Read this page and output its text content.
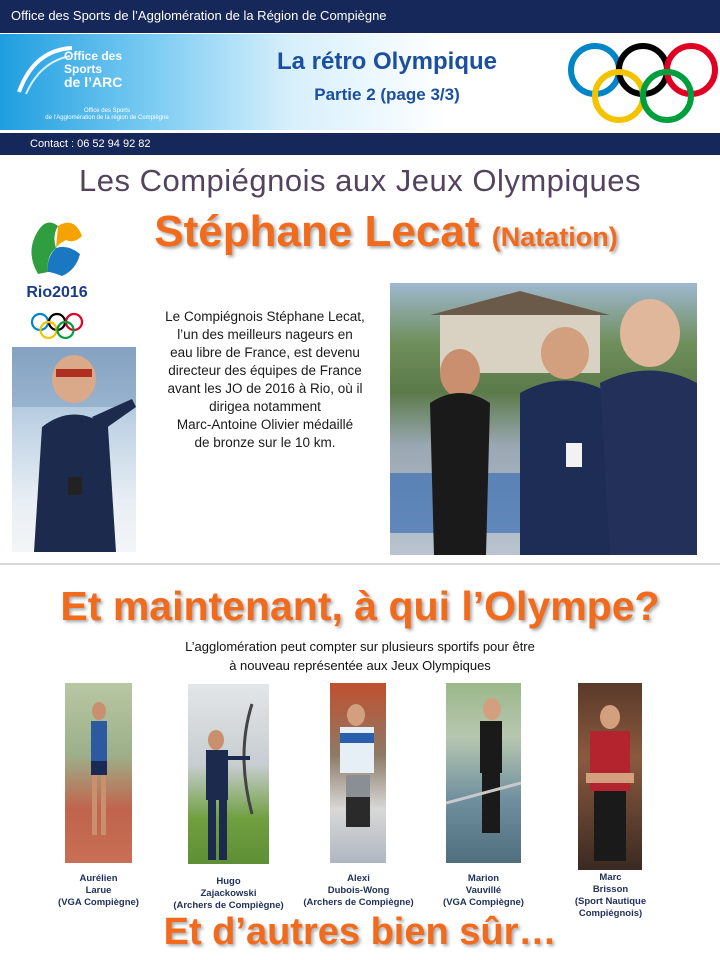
Office des Sports de l’Agglomération de la Région de Compiègne
Office des
Sports
de l’ARC
Office des Sports
de l’Agglomération de la région de Compiègne
La rétro Olympique
Partie 2 (page 3/3)
Contact : 06 52 94 92 82
Les Compiégnois aux Jeux Olympiques
Stéphane Lecat (Natation)
Rio2016
Le Compiégnois Stéphane Lecat,
l’un des meilleurs nageurs en
eau libre de France, est devenu
directeur des équipes de France
avant les JO de 2016 à Rio, où il
dirigea notamment
Marc-Antoine Olivier médaillé
de bronze sur le 10 km.
Et maintenant, à qui l’Olympe?
L’agglomération peut compter sur plusieurs sportifs pour être
à nouveau représentée aux Jeux Olympiques
Aurélien
Larue
(VGA Compiègne)
Hugo
Zajackowski
(Archers de Compiègne)
Alexi
Dubois-Wong
(Archers de Compiègne)
Marion
Vauvillé
(VGA Compiègne)
Marc
Brisson
(Sport Nautique
Compiégnois)
Et d’autres bien sûr…
